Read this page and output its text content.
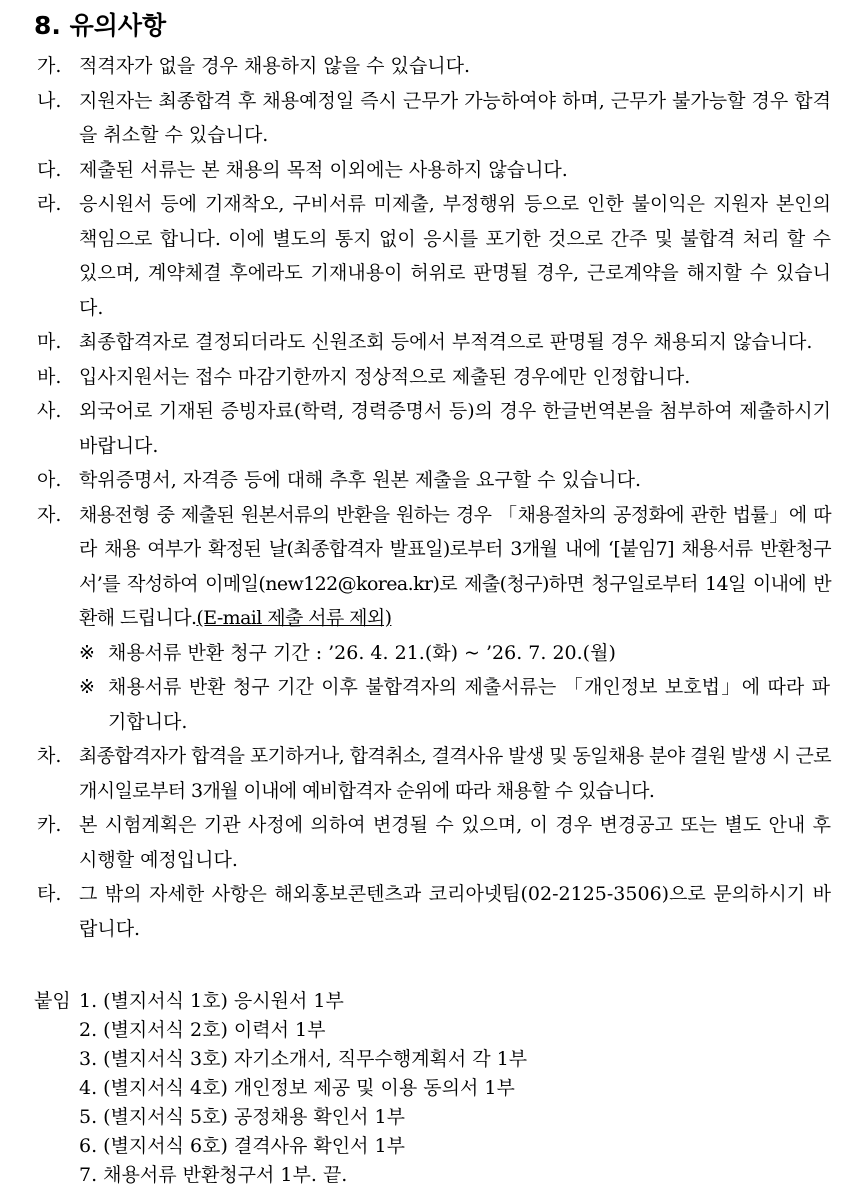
8. 유의사항
가. 적격자가 없을 경우 채용하지 않을 수 있습니다.

나. 지원자는 최종합격 후 채용예정일 즉시 근무가 가능하여야 하며, 근무가 불가능할 경우 합격을 취소할 수 있습니다.

다. 제출된 서류는 본 채용의 목적 이외에는 사용하지 않습니다.

라. 응시원서 등에 기재착오, 구비서류 미제출, 부정행위 등으로 인한 불이익은 지원자 본인의 책임으로 합니다. 이에 별도의 통지 없이 응시를 포기한 것으로 간주 및 불합격 처리 할 수 있으며, 계약체결 후에라도 기재내용이 허위로 판명될 경우, 근로계약을 해지할 수 있습니다.

마. 최종합격자로 결정되더라도 신원조회 등에서 부적격으로 판명될 경우 채용되지 않습니다.

바. 입사지원서는 접수 마감기한까지 정상적으로 제출된 경우에만 인정합니다.

사. 외국어로 기재된 증빙자료(학력, 경력증명서 등)의 경우 한글번역본을 첨부하여 제출하시기 바랍니다.

아. 학위증명서, 자격증 등에 대해 추후 원본 제출을 요구할 수 있습니다.

자. 채용전형 중 제출된 원본서류의 반환을 원하는 경우 「채용절차의 공정화에 관한 법률」에 따라 채용 여부가 확정된 날(최종합격자 발표일)로부터 3개월 내에 ‘[붙임7] 채용서류 반환청구서’를 작성하여 이메일(new122@korea.kr)로 제출(청구)하면 청구일로부터 14일 이내에 반환해 드립니다.(E-mail 제출 서류 제외)

※ 채용서류 반환 청구 기간 : ’26. 4. 21.(화) ~ ’26. 7. 20.(월)

※ 채용서류 반환 청구 기간 이후 불합격자의 제출서류는 「개인정보 보호법」에 따라 파기합니다.

차. 최종합격자가 합격을 포기하거나, 합격취소, 결격사유 발생 및 동일채용 분야 결원 발생 시 근로개시일로부터 3개월 이내에 예비합격자 순위에 따라 채용할 수 있습니다.

카. 본 시험계획은 기관 사정에 의하여 변경될 수 있으며, 이 경우 변경공고 또는 별도 안내 후 시행할 예정입니다.

타. 그 밖의 자세한 사항은 해외홍보콘텐츠과 코리아넷팀(02-2125-3506)으로 문의하시기 바랍니다.

붙임 1. (별지서식 1호) 응시원서 1부
2. (별지서식 2호) 이력서 1부
3. (별지서식 3호) 자기소개서, 직무수행계획서 각 1부
4. (별지서식 4호) 개인정보 제공 및 이용 동의서 1부
5. (별지서식 5호) 공정채용 확인서 1부
6. (별지서식 6호) 결격사유 확인서 1부
7. 채용서류 반환청구서 1부. 끝.
